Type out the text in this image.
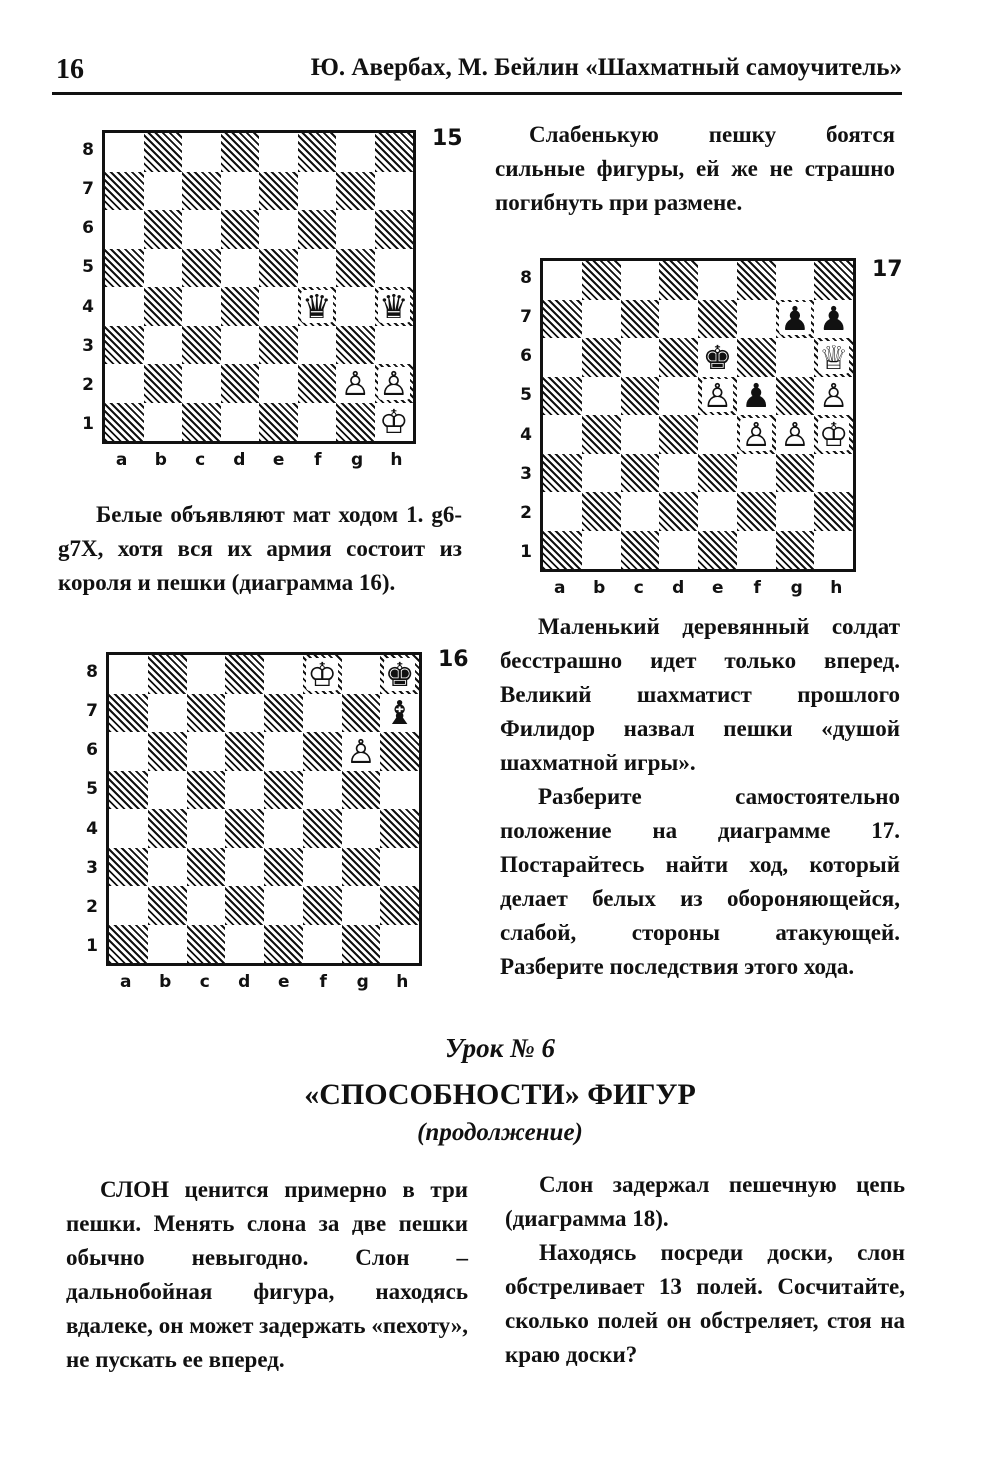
16	Ю. Авербах, М. Бейлин «Шахматный самоучитель»
♛ ♛
♙ ♙
♔
15
8
7
6
5
4
3
2
1
a	b	c	d	e	f	g	h
♔ ♚
♝
♙
16
8
7
6
5
4
3
2
1
a	b	c	d	e	f	g	h
♟ ♟
♚	♕
♙ ♟ ♙
♙ ♙ ♔
17
8
7
6
5
4
3
2
1
a	b	c	d	e	f	g	h
Слабенькую пешку боятся сильные фигуры, ей же не страшно погибнуть при размене.
Белые объявляют мат ходом 1. g6-g7X, хотя вся их армия состоит из короля и пешки (диаграмма 16).
Маленький деревянный солдат бесстрашно идет только вперед. Великий шахматист прошлого Филидор назвал пешки «душой шахматной игры».
Разберите самостоятельно положение на диаграмме 17. Постарайтесь найти ход, который делает белых из обороняющейся, слабой, стороны атакующей. Разберите последствия этого хода.
Урок № 6
«СПОСОБНОСТИ» ФИГУР
(продолжение)
СЛОН ценится примерно в три пешки. Менять слона за две пешки обычно невыгодно. Слон – дальнобойная фигура, находясь вдалеке, он может задержать «пехоту», не пускать ее вперед.
Слон задержал пешечную цепь (диаграмма 18).
Находясь посреди доски, слон обстреливает 13 полей. Сосчитайте, сколько полей он обстреляет, стоя на краю доски?
